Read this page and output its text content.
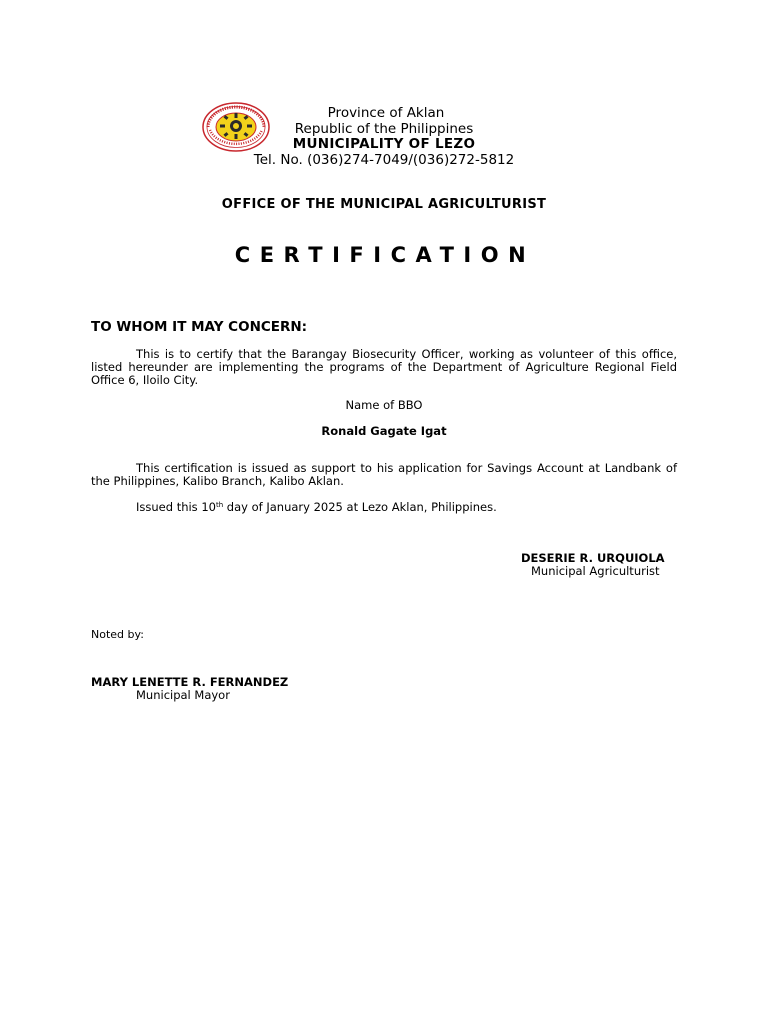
Province of Aklan
Republic of the Philippines
MUNICIPALITY OF LEZO
Tel. No. (036)274-7049/(036)272-5812
OFFICE OF THE MUNICIPAL AGRICULTURIST
CERTIFICATION
TO WHOM IT MAY CONCERN:
This is to certify that the Barangay Biosecurity Officer, working as volunteer of this office, listed hereunder are implementing the programs of the Department of Agriculture Regional Field Office 6, Iloilo City.
Name of BBO
Ronald Gagate Igat
This certification is issued as support to his application for Savings Account at Landbank of the Philippines, Kalibo Branch, Kalibo Aklan.
Issued this 10th day of January 2025 at Lezo Aklan, Philippines.
DESERIE R. URQUIOLA
Municipal Agriculturist
Noted by:
MARY LENETTE R. FERNANDEZ
Municipal Mayor
